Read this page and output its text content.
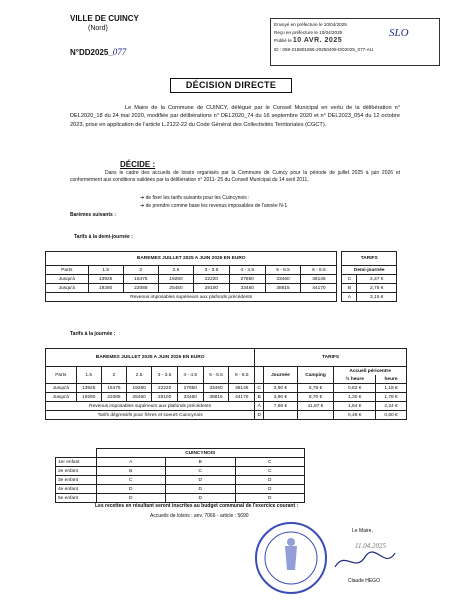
VILLE DE CUINCY
(Nord)
N°DD2025_077
Envoyé en préfecture le 10/04/2025
Reçu en préfecture le 10/04/2025
Publié le 10 AVR. 2025
ID : 059-215901655-20250408-DD2025_077-AU
SLO
DÉCISION DIRECTE
Le Maire de la Commune de CUINCY, délégué par le Conseil Municipal en vertu de la délibération n° DEL2020_18 du 24 mai 2020, modifiée par délibérations n° DEL2020_74 du 16 septembre 2020 et n° DEL2023_054 du 12 octobre 2023, prise en application de l'article L.2122-22 du Code Général des Collectivités Territoriales (CGCT).
DÉCIDE :
Dans le cadre des accueils de loisirs organisés par la Commune de Cuincy pour la période de juillet 2025 à juin 2026 et conformément aux conditions validées par la délibération n° 2011- 25 du Conseil Municipal du 14 avril 2011,
➔ de fixer les tarifs suivants pour les Cuincynois :
➔ de prendre comme base les revenus imposables de l'année N-1
Barèmes suivants :
Tarifs à la demi-journée :
BAREMES JUILLET 2025 A JUIN 2026 EN EURO									TARIFS	
Parts	1.5	2	2.5	3 - 3.5	4 - 4.5	5 - 5.5	6 - 6.5		Demi-journée	
Jusqu'à	13925	16475	19280	22220	27850	33460	36145		C	2,37 €
Jusqu'à	19280	22085	25450	28100	33460	38815	44170		B	2,75 €
Revenus imposables supérieurs aux plafonds précédents									A	3,15 €
Tarifs à la journée :
BAREMES JUILLET 2025 A JUIN 2026 EN EURO								TARIFS				
Parts	1.5	2	2.5	3 - 3.5	4 - 4.5	5 - 5.5	6 - 6.5		Journée	Camping	Accueil péricentre	
											½ heure	heure
Jusqu'à	13925	16475	19280	22220	27850	33460	36145	C	3,90 €	5,78 €	0,82 €	1,18 €
Jusqu'à	19280	22085	25450	28100	33460	38815	44170	B	3,90 €	8,70 €	1,30 €	1,78 €
Revenus imposables supérieurs aux plafonds précédents								A	7,88 €	11,87 €	1,64 €	2,24 €
Tarifs dégressifs pour frères et soeurs Cuincynois								D			0,48 €	0,60 €
	CUINCYNOIS		
1er enfant	A	B	C
2e enfant	B	C	C
3e enfant	C	D	D
4e enfant	D	D	D
5e enfant	D	D	D
Les recettes en résultant seront inscrites au budget communal de l'exercice courant :
Accueils de loisirs : anv. 7066 - article : 5690
Le Maire,
11.04.2025
Claude HEGO
